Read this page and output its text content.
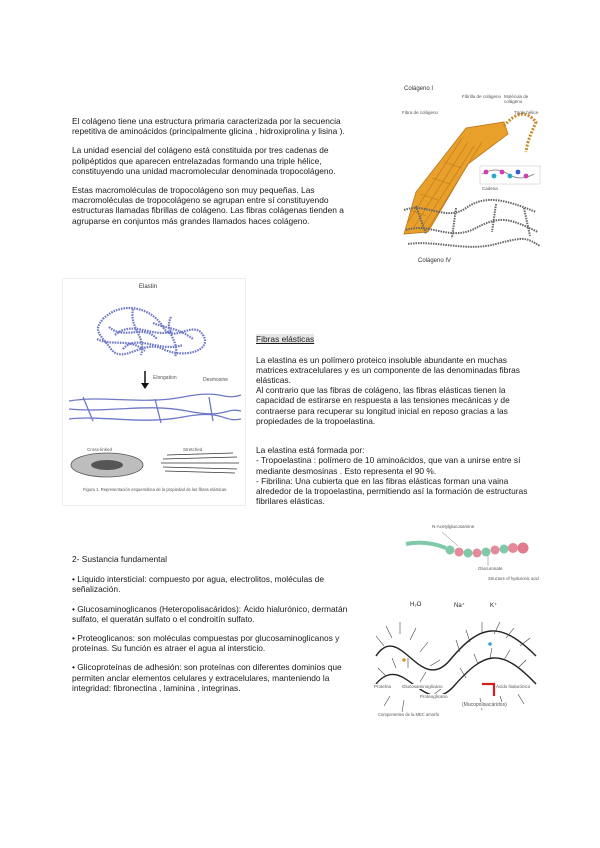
El colágeno tiene una estructura primaria caracterizada por la secuencia repetitiva de aminoácidos (principalmente glicina , hidroxiprolina y lisina ).

La unidad esencial del colágeno está constituida por tres cadenas de polipéptidos que aparecen entrelazadas formando una triple hélice, constituyendo una unidad macromolecular denominada tropocolágeno.

Estas macromoléculas de tropocolágeno son muy pequeñas. Las macromoléculas de tropocolágeno se agrupan entre sí constituyendo estructuras llamadas fibrillas de colágeno. Las fibras colágenas tienden a agruparse en conjuntos más grandes llamados haces colágeno.

Colágeno I
Fibrilla de colágeno Molécula de colágeno
Fibra de colágeno	Triple hélice
Cadena
Colágeno IV
Elastin
Elongation	Desmosine
Cross-linked	Stretched
Figura 1. Representación esquemática de la propiedad de las fibras elásticas.

Fibras elásticas

La elastina es un polímero proteico insoluble abundante en muchas matrices extracelulares y es un componente de las denominadas fibras elásticas.
Al contrario que las fibras de colágeno, las fibras elásticas tienen la capacidad de estirarse en respuesta a las tensiones mecánicas y de contraerse para recuperar su longitud inicial en reposo gracias a las propiedades de la tropoelastina.

La elastina está formada por:
- Tropoelastina : polímero de 10 aminoácidos, que van a unirse entre sí mediante desmosinas . Esto representa el 90 %.
- Fibrilina: Una cubierta que en las fibras elásticas forman una vaina alrededor de la tropoelastina, permitiendo así la formación de estructuras fibrilares elásticas.

2- Sustancia fundamental

• Líquido intersticial: compuesto por agua, electrolitos, moléculas de señalización.

• Glucosaminoglicanos (Heteropolisacáridos): Ácido hialurónico, dermatán sulfato, el queratán sulfato o el condroitín sulfato.

• Proteoglicanos: son moléculas compuestas por glucosaminoglicanos y proteínas. Su función es atraer el agua al intersticio.

• Glicoproteínas de adhesión: son proteínas con diferentes dominios que permiten anclar elementos celulares y extracelulares, manteniendo la integridad: fibronectina , laminina , integrinas.

N-Acetylglucosamine
Glucuronate
Structure of hyaluronic acid
H₂O	Na⁺	K⁺
Proteína Glucosaminoglicano	Ácido hialurónico
Proteoglicano
(Mucopolisacáridos)
Componentes de la MEC amorfa
